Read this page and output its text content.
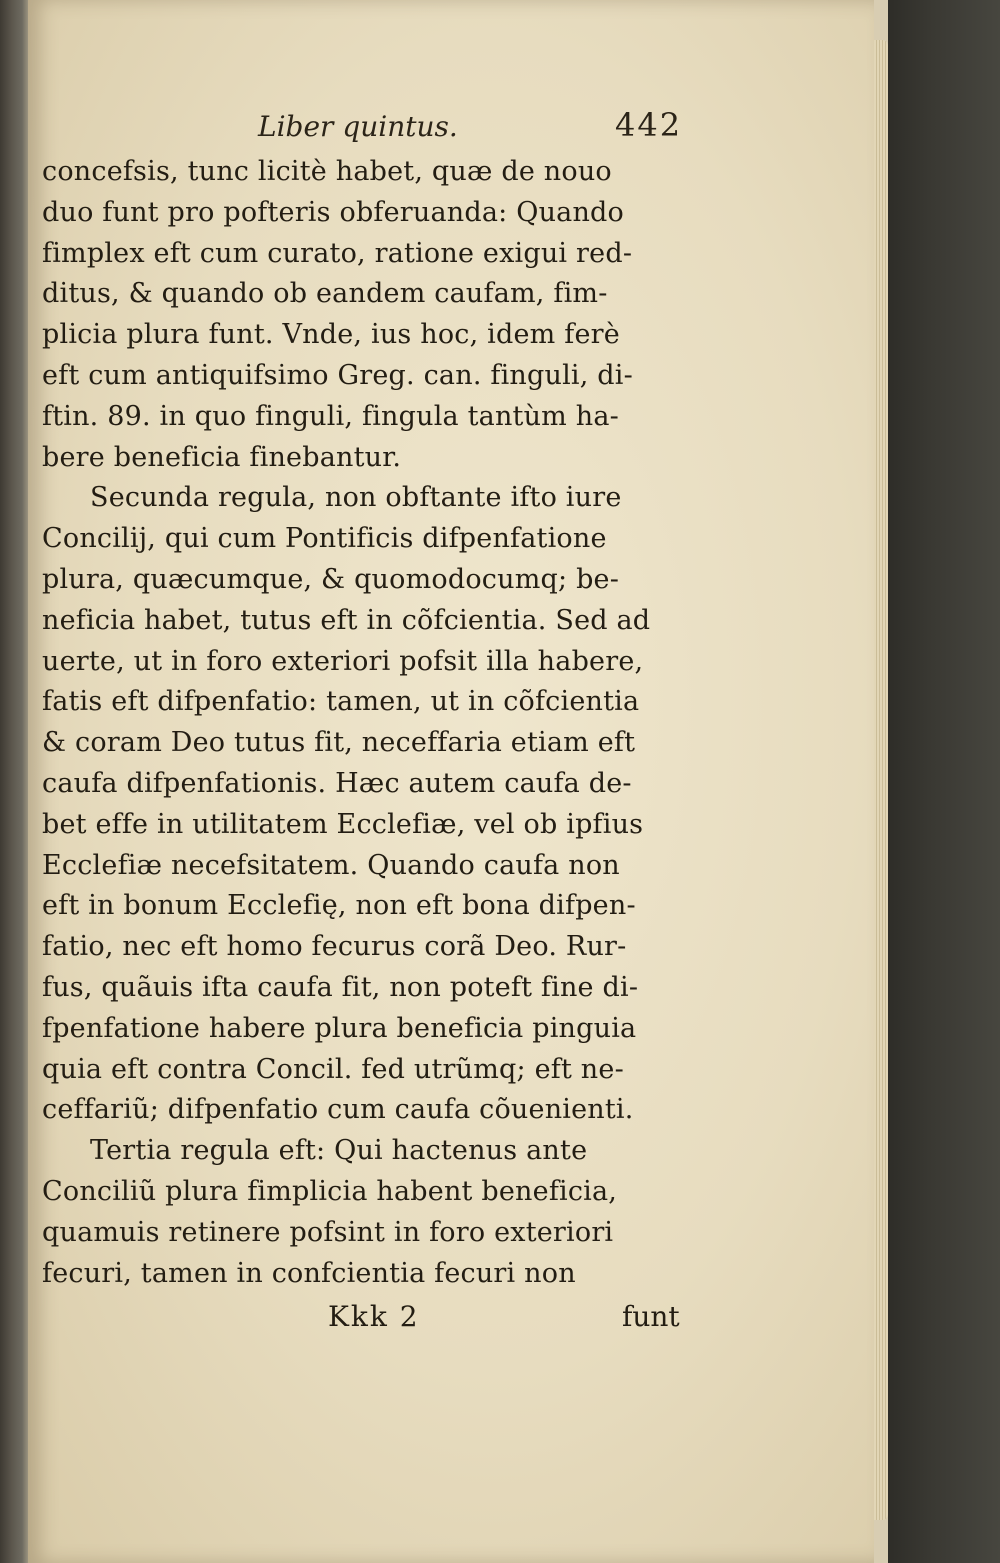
Liber quintus.	442
concefsis, tunc licitè habet, quæ de nouo
duo funt pro pofteris obferuanda: Quando
fimplex eft cum curato, ratione exigui red-
ditus, & quando ob eandem caufam, fim-
plicia plura funt. Vnde, ius hoc, idem ferè
eft cum antiquifsimo Greg. can. finguli, di-
ftin. 89. in quo finguli, fingula tantùm ha-
bere beneficia finebantur.
Secunda regula, non obftante ifto iure
Concilij, qui cum Pontificis difpenfatione
plura, quæcumque, & quomodocumq; be-
neficia habet, tutus eft in cõfcientia. Sed ad
uerte, ut in foro exteriori pofsit illa habere,
fatis eft difpenfatio: tamen, ut in cõfcientia
& coram Deo tutus fit, neceffaria etiam eft
caufa difpenfationis. Hæc autem caufa de-
bet effe in utilitatem Ecclefiæ, vel ob ipfius
Ecclefiæ necefsitatem. Quando caufa non
eft in bonum Ecclefię, non eft bona difpen-
fatio, nec eft homo fecurus corã Deo. Rur-
fus, quãuis ifta caufa fit, non poteft fine di-
fpenfatione habere plura beneficia pinguia
quia eft contra Concil. fed utrũmq; eft ne-
ceffariũ; difpenfatio cum caufa cõuenienti.
Tertia regula eft: Qui hactenus ante
Conciliũ plura fimplicia habent beneficia,
quamuis retinere pofsint in foro exteriori
fecuri, tamen in confcientia fecuri non
Kkk 2	funt
